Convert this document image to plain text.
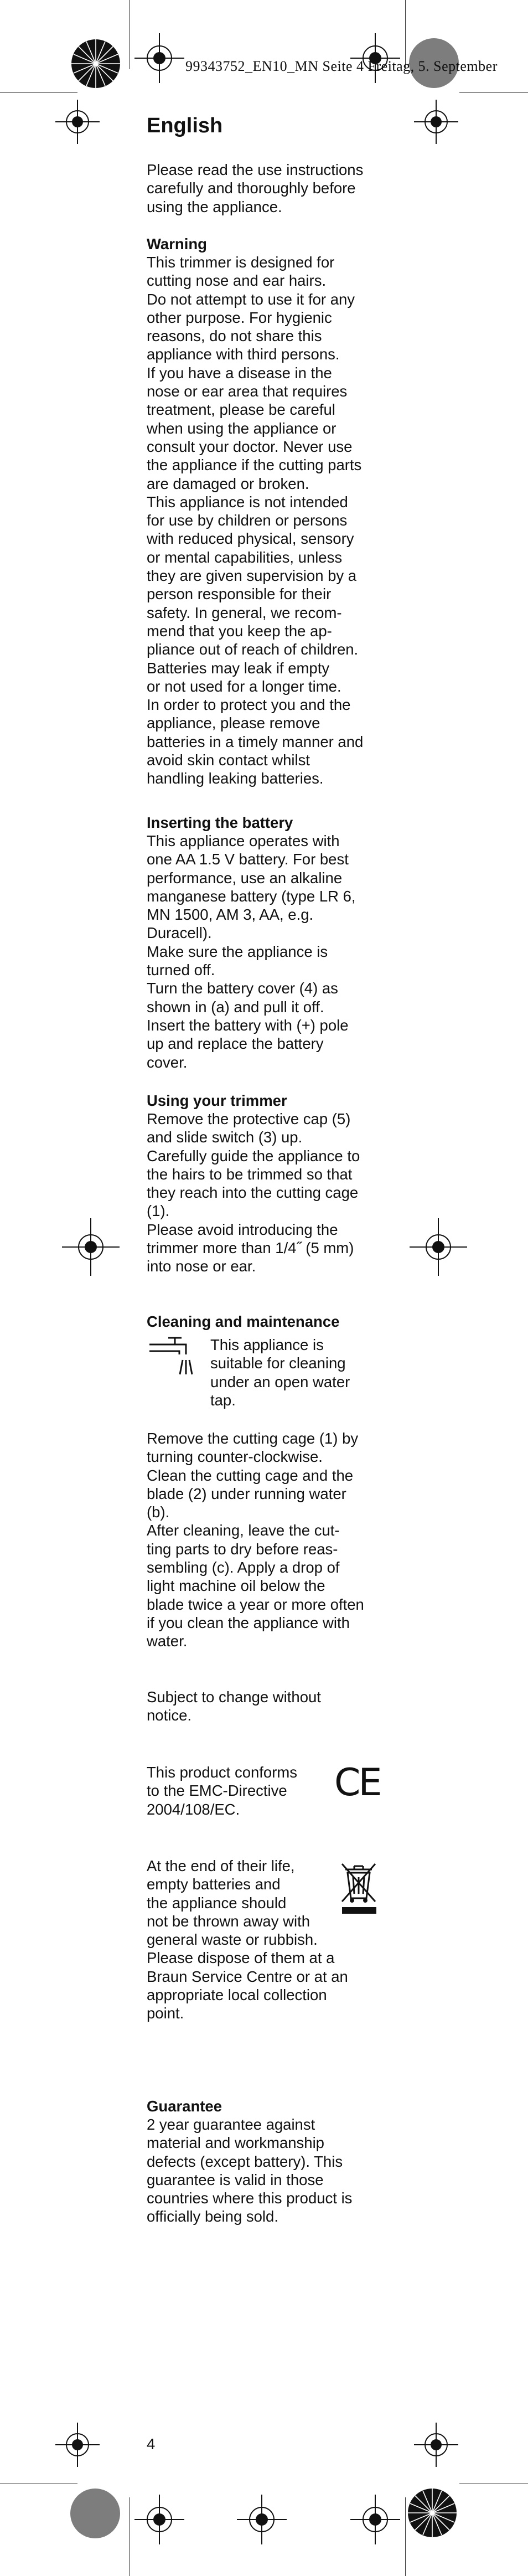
99343752_EN10_MN Seite 4 Freitag, 5. September
English
Please read the use instructions
carefully and thoroughly before
using the appliance.
Warning
This trimmer is designed for
cutting nose and ear hairs.
Do not attempt to use it for any
other purpose. For hygienic
reasons, do not share this
appliance with third persons.
If you have a disease in the
nose or ear area that requires
treatment, please be careful
when using the appliance or
consult your doctor. Never use
the appliance if the cutting parts
are damaged or broken.
This appliance is not intended
for use by children or persons
with reduced physical, sensory
or mental capabilities, unless
they are given supervision by a
person responsible for their
safety. In general, we recom-
mend that you keep the ap-
pliance out of reach of children.
Batteries may leak if empty
or not used for a longer time.
In order to protect you and the
appliance, please remove
batteries in a timely manner and
avoid skin contact whilst
handling leaking batteries.
Inserting the battery
This appliance operates with
one AA 1.5 V battery. For best
performance, use an alkaline
manganese battery (type LR 6,
MN 1500, AM 3, AA, e.g.
Duracell).
Make sure the appliance is
turned off.
Turn the battery cover (4) as
shown in (a) and pull it off.
Insert the battery with (+) pole
up and replace the battery
cover.
Using your trimmer
Remove the protective cap (5)
and slide switch (3) up.
Carefully guide the appliance to
the hairs to be trimmed so that
they reach into the cutting cage
(1).
Please avoid introducing the
trimmer more than 1/4˝ (5 mm)
into nose or ear.
Cleaning and maintenance
This appliance is
suitable for cleaning
under an open water
tap.
Remove the cutting cage (1) by
turning counter-clockwise.
Clean the cutting cage and the
blade (2) under running water
(b).
After cleaning, leave the cut-
ting parts to dry before reas-
sembling (c). Apply a drop of
light machine oil below the
blade twice a year or more often
if you clean the appliance with
water.
Subject to change without
notice.
This product conforms
to the EMC-Directive
2004/108/EC.
CE
At the end of their life,
empty batteries and
the appliance should
not be thrown away with
general waste or rubbish.
Please dispose of them at a
Braun Service Centre or at an
appropriate local collection
point.
Guarantee
2 year guarantee against
material and workmanship
defects (except battery). This
guarantee is valid in those
countries where this product is
officially being sold.
4
